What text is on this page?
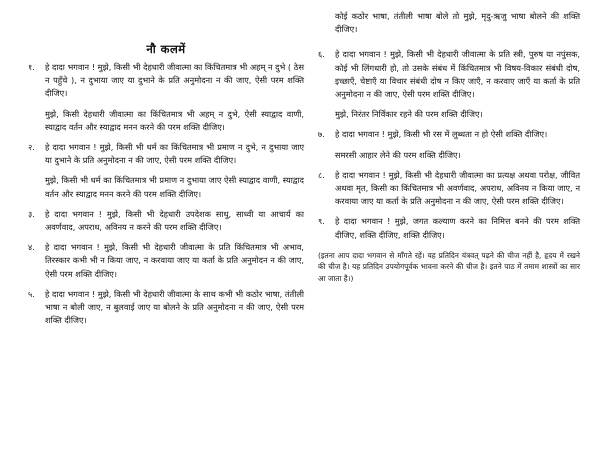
नौ कलमें
१.	हे दादा भगवान ! मुझे, किसी भी देहधारी जीवात्मा का किंचितमात्र भी अहम् न दुभे ( ठेस न पहुँचे ), न दुभाया जाए या दुभाने के प्रति अनुमोदना न की जाए, ऐसी परम शक्ति दीजिए।
मुझे, किसी देहधारी जीवात्मा का किंचितमात्र भी अहम् न दुभे, ऐसी स्याद्वाद वाणी, स्याद्वाद वर्तन और स्याद्वाद मनन करने की परम शक्ति दीजिए।
२.	हे दादा भगवान ! मुझे, किसी भी धर्म का किंचितमात्र भी प्रमाण न दुभे, न दुभाया जाए या दुभाने के प्रति अनुमोदना न की जाए, ऐसी परम शक्ति दीजिए।
मुझे, किसी भी धर्म का किंचितमात्र भी प्रमाण न दुभाया जाए ऐसी स्याद्वाद वाणी, स्याद्वाद वर्तन और स्याद्वाद मनन करने की परम शक्ति दीजिए।
३.	हे दादा भगवान ! मुझे, किसी भी देहधारी उपदेशक साधु, साध्वी या आचार्य का अवर्णवाद, अपराध, अविनय न करने की परम शक्ति दीजिए।
४.	हे दादा भगवान ! मुझे, किसी भी देहधारी जीवात्मा के प्रति किंचितमात्र भी अभाव, तिरस्कार कभी भी न किया जाए, न करवाया जाए या कर्ता के प्रति अनुमोदन न की जाए, ऐसी परम शक्ति दीजिए।
५.	हे दादा भगवान ! मुझे, किसी भी देहधारी जीवात्मा के साथ कभी भी कठोर भाषा, तंतीली भाषा न बोली जाए, न बुलवाई जाए या बोलने के प्रति अनुमोदना न की जाए, ऐसी परम शक्ति दीजिए।
कोई कठोर भाषा, तंतीली भाषा बोले तो मुझे, मृदु-ऋजु भाषा बोलने की शक्ति दीजिए।
६.	हे दादा भगवान ! मुझे, किसी भी देहधारी जीवात्मा के प्रति स्त्री, पुरुष या नपुंसक, कोई भी लिंगधारी हो, तो उसके संबंध में किंचितमात्र भी विषय-विकार संबंधी दोष, इच्छाएँ, चेष्टाएँ या विचार संबंधी दोष न किए जाएँ, न करवाए जाएँ या कर्ता के प्रति अनुमोदना न की जाए, ऐसी परम शक्ति दीजिए।
मुझे, निरंतर निर्विकार रहने की परम शक्ति दीजिए।
७.	हे दादा भगवान ! मुझे, किसी भी रस में लुब्धता न हो ऐसी शक्ति दीजिए।
समरसी आहार लेने की परम शक्ति दीजिए।
८.	हे दादा भगवान ! मुझे, किसी भी देहधारी जीवात्मा का प्रत्यक्ष अथवा परोक्ष, जीवित अथवा मृत, किसी का किंचितमात्र भी अवर्णवाद, अपराध, अविनय न किया जाए, न करवाया जाए या कर्ता के प्रति अनुमोदना न की जाए, ऐसी परम शक्ति दीजिए।
९.	हे दादा भगवान ! मुझे, जगत कल्याण करने का निमित्त बनने की परम शक्ति दीजिए, शक्ति दीजिए, शक्ति दीजिए।
(इतना आप दादा भगवान से माँगते रहें। यह प्रतिदिन यंत्रवत् पढ़ने की चीज नहीं है, हृदय में रखने की चीज है। यह प्रतिदिन उपयोगपूर्वक भावना करने की चीज है। इतने पाठ में तमाम शास्त्रों का सार आ जाता है।)
